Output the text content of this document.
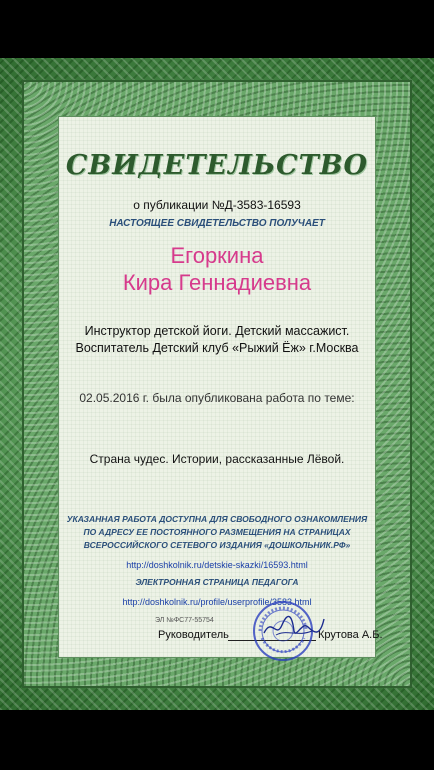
СВИДЕТЕЛЬСТВО
о публикации №Д-3583-16593
НАСТОЯЩЕЕ СВИДЕТЕЛЬСТВО ПОЛУЧАЕТ
Егоркина
Кира Геннадиевна
Инструктор детской йоги. Детский массажист.
Воспитатель Детский клуб «Рыжий Ёж» г.Москва
02.05.2016 г. была опубликована работа по теме:
Страна чудес. Истории, рассказанные Лёвой.
УКАЗАННАЯ РАБОТА ДОСТУПНА ДЛЯ СВОБОДНОГО ОЗНАКОМЛЕНИЯ
ПО АДРЕСУ ЕЕ ПОСТОЯННОГО РАЗМЕЩЕНИЯ НА СТРАНИЦАХ
ВСЕРОССИЙСКОГО СЕТЕВОГО ИЗДАНИЯ «ДОШКОЛЬНИК.РФ»
http://doshkolnik.ru/detskie-skazki/16593.html
ЭЛЕКТРОННАЯ СТРАНИЦА ПЕДАГОГА
http://doshkolnik.ru/profile/userprofile/3583.html
ЭЛ №ФС77-55754
Руководитель	Крутова А.Б.
